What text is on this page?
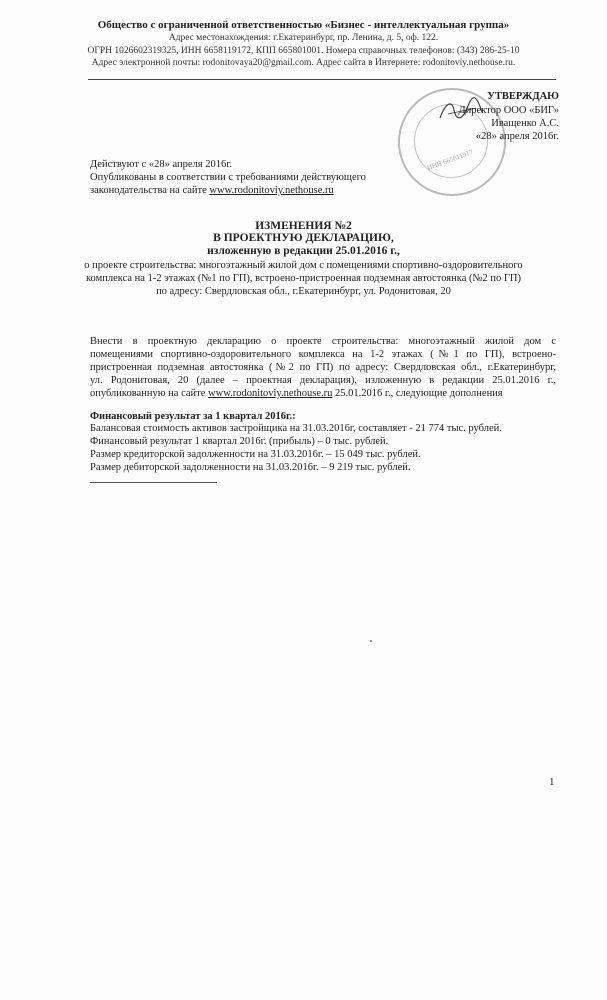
Общество с ограниченной ответственностью «Бизнес - интеллектуальная группа»
Адрес местонахождения: г.Екатеринбург, пр. Ленина, д. 5, оф. 122.
ОГРН 1026602319325, ИНН 6658119172, КПП 665801001. Номера справочных телефонов: (343) 286-25-10
Адрес электронной почты: rodonitovaya20@gmail.com. Адрес сайта в Интернете: rodonitoviy.nethouse.ru.
ИНН 665811917
УТВЕРЖДАЮ
Директор ООО «БИГ»
Иващенко А.С.
«28» апреля 2016г.
Действуют с «28» апреля 2016г.
Опубликованы в соответствии с требованиями действующего
законодательства на сайте www.rodonitoviy.nethouse.ru
ИЗМЕНЕНИЯ №2
В ПРОЕКТНУЮ ДЕКЛАРАЦИЮ,
изложенную в редакции 25.01.2016 г.,
о проекте строительства: многоэтажный жилой дом с помещениями спортивно-оздоровительного
комплекса на 1-2 этажах (№1 по ГП), встроено-пристроенная подземная автостоянка (№2 по ГП)
по адресу: Свердловская обл., г.Екатеринбург, ул. Родонитовая, 20
Внести в проектную декларацию о проекте строительства: многоэтажный жилой дом с
помещениями спортивно-оздоровительного комплекса на 1-2 этажах (№1 по ГП), встроено-
пристроенная подземная автостоянка (№2 по ГП) по адресу: Свердловская обл., г.Екатеринбург,
ул. Родонитовая, 20 (далее – проектная декларация), изложенную в редакции 25.01.2016 г.,
опубликованную на сайте www.rodonitoviy.nethouse.ru 25.01.2016 г., следующие дополнения
Финансовый результат за 1 квартал 2016г.:
Балансовая стоимость активов застройщика на 31.03.2016г, составляет - 21 774 тыс. рублей.
Финансовый результат 1 квартал 2016г. (прибыль) – 0 тыс. рублей.
Размер кредиторской задолженности на 31.03.2016г. – 15 049 тыс. рублей.
Размер дебиторской задолженности на 31.03.2016г. – 9 219 тыс. рублей.
1
